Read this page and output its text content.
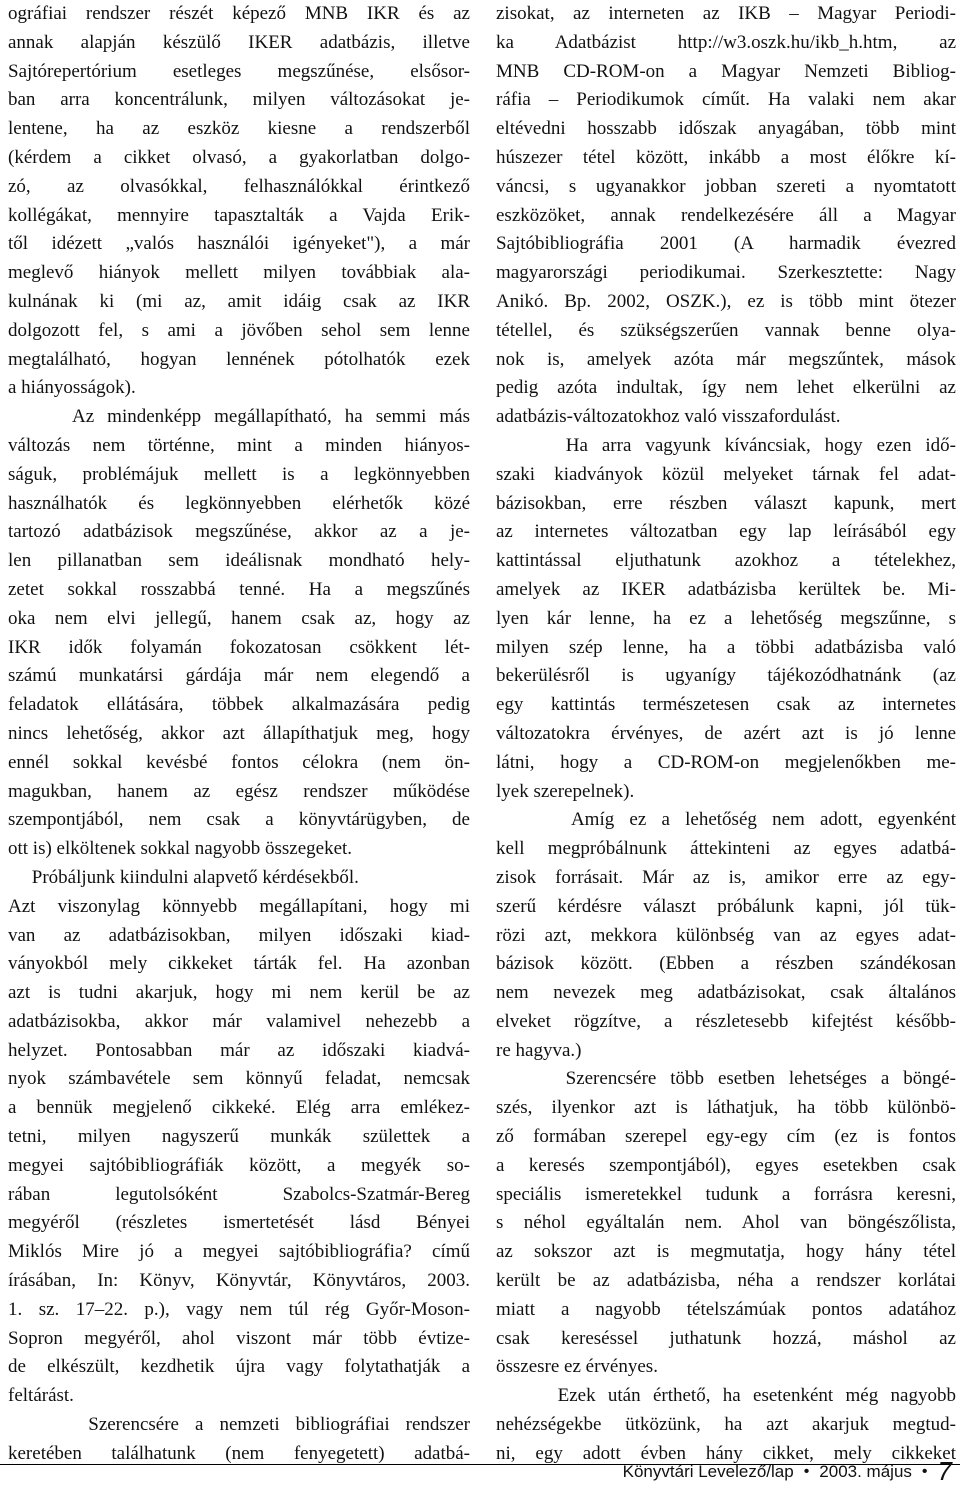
ográfiai rendszer részét képező MNB IKR és az
annak alapján készülő IKER adatbázis, illetve
Sajtórepertórium esetleges megszűnése, elsősor-
ban arra koncentrálunk, milyen változásokat je-
lentene, ha az eszköz kiesne a rendszerből
(kérdem a cikket olvasó, a gyakorlatban dolgo-
zó, az olvasókkal, felhasználókkal érintkező
kollégákat, mennyire tapasztalták a Vajda Erik-
től idézett „valós használói igényeket"), a már
meglevő hiányok mellett milyen továbbiak ala-
kulnának ki (mi az, amit idáig csak az IKR
dolgozott fel, s ami a jövőben sehol sem lenne
megtalálható, hogyan lennének pótolhatók ezek
a hiányosságok).
Az mindenképp megállapítható, ha semmi más
változás nem történne, mint a minden hiányos-
ságuk, problémájuk mellett is a legkönnyebben
használhatók és legkönnyebben elérhetők közé
tartozó adatbázisok megszűnése, akkor az a je-
len pillanatban sem ideálisnak mondható hely-
zetet sokkal rosszabbá tenné. Ha a megszűnés
oka nem elvi jellegű, hanem csak az, hogy az
IKR idők folyamán fokozatosan csökkent lét-
számú munkatársi gárdája már nem elegendő a
feladatok ellátására, többek alkalmazására pedig
nincs lehetőség, akkor azt állapíthatjuk meg, hogy
ennél sokkal kevésbé fontos célokra (nem ön-
magukban, hanem az egész rendszer működése
szempontjából, nem csak a könyvtárügyben, de
ott is) elköltenek sokkal nagyobb összegeket.
Próbáljunk kiindulni alapvető kérdésekből.
Azt viszonylag könnyebb megállapítani, hogy mi
van az adatbázisokban, milyen időszaki kiad-
ványokból mely cikkeket tárták fel. Ha azonban
azt is tudni akarjuk, hogy mi nem kerül be az
adatbázisokba, akkor már valamivel nehezebb a
helyzet. Pontosabban már az időszaki kiadvá-
nyok számbavétele sem könnyű feladat, nemcsak
a bennük megjelenő cikkeké. Elég arra emlékez-
tetni, milyen nagyszerű munkák születtek a
megyei sajtóbibliográfiák között, a megyék so-
rában legutolsóként Szabolcs-Szatmár-Bereg
megyéről (részletes ismertetését lásd Bényei
Miklós Mire jó a megyei sajtóbibliográfia? című
írásában, In: Könyv, Könyvtár, Könyvtáros, 2003.
1. sz. 17–22. p.), vagy nem túl rég Győr-Moson-
Sopron megyéről, ahol viszont már több évtize-
de elkészült, kezdhetik újra vagy folytathatják a
feltárást.
Szerencsére a nemzeti bibliográfiai rendszer
keretében találhatunk (nem fenyegetett) adatbá-
zisokat, az interneten az IKB – Magyar Periodi-
ka Adatbázist http://w3.oszk.hu/ikb_h.htm, az
MNB CD-ROM-on a Magyar Nemzeti Bibliog-
ráfia – Periodikumok címűt. Ha valaki nem akar
eltévedni hosszabb időszak anyagában, több mint
húszezer tétel között, inkább a most élőkre kí-
váncsi, s ugyanakkor jobban szereti a nyomtatott
eszközöket, annak rendelkezésére áll a Magyar
Sajtóbibliográfia 2001 (A harmadik évezred
magyarországi periodikumai. Szerkesztette: Nagy
Anikó. Bp. 2002, OSZK.), ez is több mint ötezer
tétellel, és szükségszerűen vannak benne olya-
nok is, amelyek azóta már megszűntek, mások
pedig azóta indultak, így nem lehet elkerülni az
adatbázis-változatokhoz való visszafordulást.
Ha arra vagyunk kíváncsiak, hogy ezen idő-
szaki kiadványok közül melyeket tárnak fel adat-
bázisokban, erre részben választ kapunk, mert
az internetes változatban egy lap leírásából egy
kattintással eljuthatunk azokhoz a tételekhez,
amelyek az IKER adatbázisba kerültek be. Mi-
lyen kár lenne, ha ez a lehetőség megszűnne, s
milyen szép lenne, ha a többi adatbázisba való
bekerülésről is ugyanígy tájékozódhatnánk (az
egy kattintás természetesen csak az internetes
változatokra érvényes, de azért azt is jó lenne
látni, hogy a CD-ROM-on megjelenőkben me-
lyek szerepelnek).
Amíg ez a lehetőség nem adott, egyenként
kell megpróbálnunk áttekinteni az egyes adatbá-
zisok forrásait. Már az is, amikor erre az egy-
szerű kérdésre választ próbálunk kapni, jól tük-
rözi azt, mekkora különbség van az egyes adat-
bázisok között. (Ebben a részben szándékosan
nem nevezek meg adatbázisokat, csak általános
elveket rögzítve, a részletesebb kifejtést később-
re hagyva.)
Szerencsére több esetben lehetséges a böngé-
szés, ilyenkor azt is láthatjuk, ha több különbö-
ző formában szerepel egy-egy cím (ez is fontos
a keresés szempontjából), egyes esetekben csak
speciális ismeretekkel tudunk a forrásra keresni,
s néhol egyáltalán nem. Ahol van böngészőlista,
az sokszor azt is megmutatja, hogy hány tétel
került be az adatbázisba, néha a rendszer korlátai
miatt a nagyobb tételszámúak pontos adatához
csak kereséssel juthatunk hozzá, máshol az
összesre ez érvényes.
Ezek után érthető, ha esetenként még nagyobb
nehézségekbe ütközünk, ha azt akarjuk megtud-
ni, egy adott évben hány cikket, mely cikkeket
Könyvtári Levelező/lap • 2003. május • 7
